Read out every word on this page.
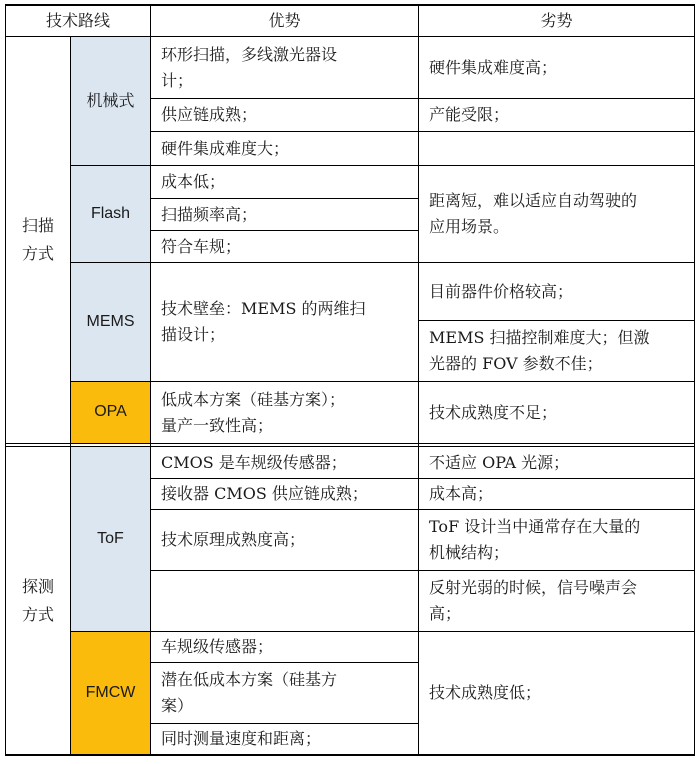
技术路线	优势	劣势
扫描
方式
探测
方式
机械式
Flash
MEMS
OPA
ToF
FMCW
环形扫描，多线激光器设
计；
供应链成熟；
硬件集成难度大；
成本低；
扫描频率高；
符合车规；
技术壁垒：MEMS 的两维扫
描设计；
低成本方案（硅基方案）；
量产一致性高；
CMOS 是车规级传感器；
接收器 CMOS 供应链成熟；
技术原理成熟度高；
车规级传感器；
潜在低成本方案（硅基方
案）
同时测量速度和距离；
硬件集成难度高；
产能受限；
距离短，难以适应自动驾驶的
应用场景。
目前器件价格较高；
MEMS 扫描控制难度大；但激
光器的 FOV 参数不佳；
技术成熟度不足；
不适应 OPA 光源；
成本高；
ToF 设计当中通常存在大量的
机械结构；
反射光弱的时候，信号噪声会
高；
技术成熟度低；
